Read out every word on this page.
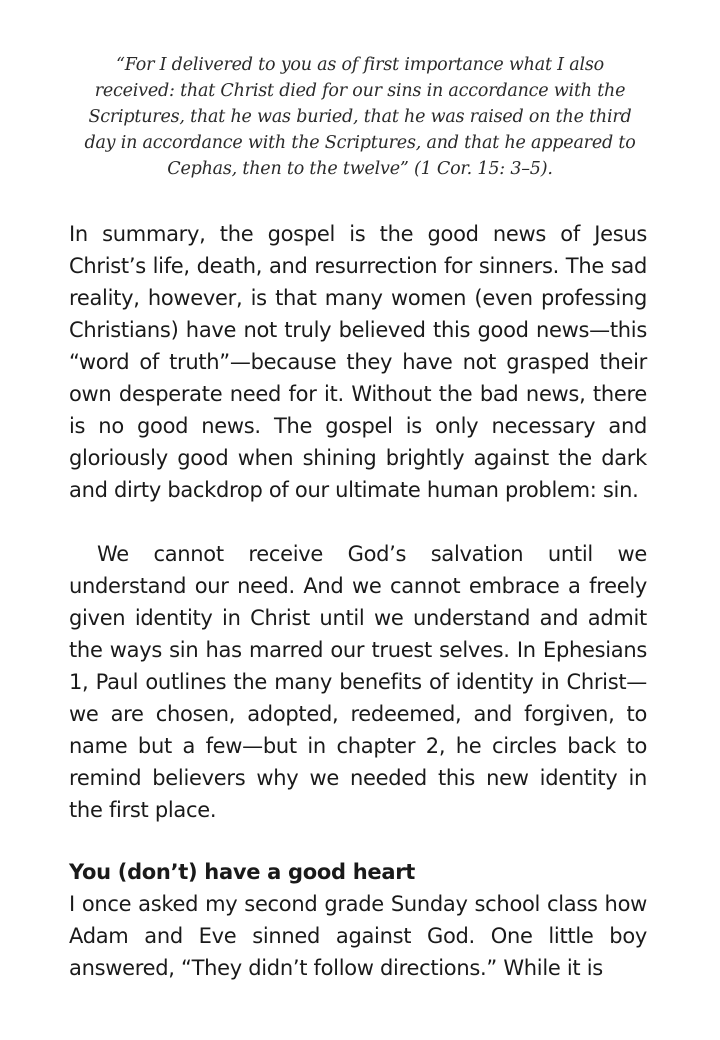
“For I delivered to you as of first importance what I also received: that Christ died for our sins in accordance with the Scriptures, that he was buried, that he was raised on the third day in accordance with the Scriptures, and that he appeared to Cephas, then to the twelve” (1 Cor. 15: 3–5).

In summary, the gospel is the good news of Jesus Christ’s life, death, and resurrection for sinners. The sad reality, however, is that many women (even professing Christians) have not truly believed this good news—this “word of truth”—because they have not grasped their own desperate need for it. Without the bad news, there is no good news. The gospel is only necessary and gloriously good when shining brightly against the dark and dirty backdrop of our ultimate human problem: sin.

We cannot receive God’s salvation until we understand our need. And we cannot embrace a freely given identity in Christ until we understand and admit the ways sin has marred our truest selves. In Ephesians 1, Paul outlines the many benefits of identity in Christ—we are chosen, adopted, redeemed, and forgiven, to name but a few—but in chapter 2, he circles back to remind believers why we needed this new identity in the first place.

You (don’t) have a good heart

I once asked my second grade Sunday school class how Adam and Eve sinned against God. One little boy answered, “They didn’t follow directions.” While it is
